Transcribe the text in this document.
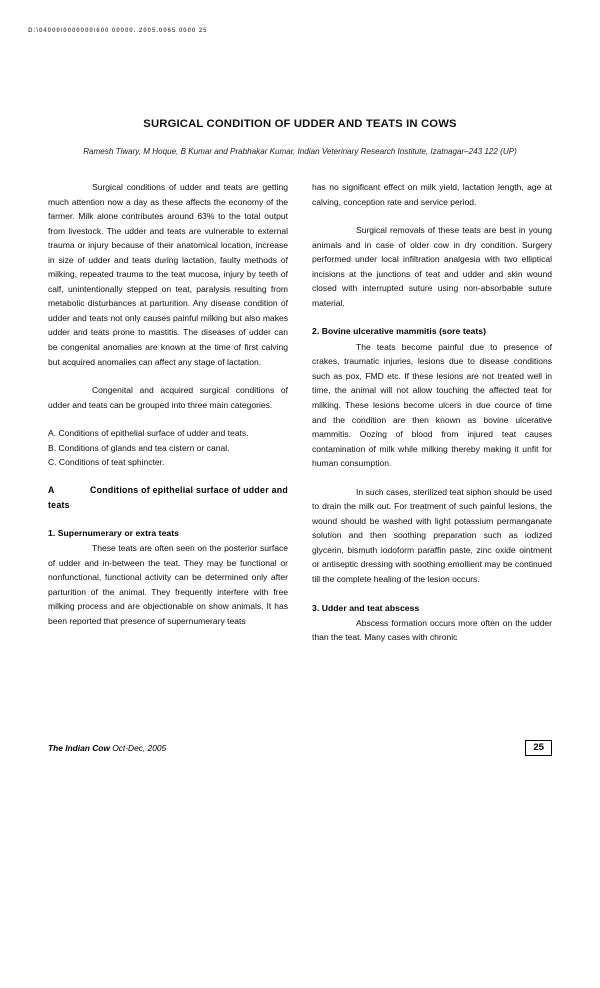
D:\04000\0000000\600 00000. 2005.0065 0000 25
SURGICAL CONDITION OF UDDER AND TEATS IN COWS
Ramesh Tiwary, M Hoque, B Kumar and Prabhakar Kumar, Indian Veterinary Research Institute, Izatnagar–243 122 (UP)

Surgical conditions of udder and teats are getting much attention now a day as these affects the economy of the farmer. Milk alone contributes around 63% to the total output from livestock. The udder and teats are vulnerable to external trauma or injury because of their anatomical location, increase in size of udder and teats during lactation, faulty methods of milking, repeated trauma to the teat mucosa, injury by teeth of calf, unintentionally stepped on teat, paralysis resulting from metabolic disturbances at parturition. Any disease condition of udder and teats not only causes painful milking but also makes udder and teats prone to mastitis. The diseases of udder can be congenital anomalies are known at the time of first calving but acquired anomalies can affect any stage of lactation.

Congenital and acquired surgical conditions of udder and teats can be grouped into three main categories.

A. Conditions of epithelial surface of udder and teats.
B. Conditions of glands and tea cistern or canal.
C. Conditions of teat sphincter.
A	Conditions of epithelial surface of udder and teats
1. Supernumerary or extra teats

These teats are often seen on the posterior surface of udder and in-between the teat. They may be functional or nonfunctional, functional activity can be determined only after parturition of the animal. They frequently interfere with free milking process and are objectionable on show animals. It has been reported that presence of supernumerary teats

has no significant effect on milk yield, lactation length, age at calving, conception rate and service period.

Surgical removals of these teats are best in young animals and in case of older cow in dry condition. Surgery performed under local infiltration analgesia with two elliptical incisions at the junctions of teat and udder and skin wound closed with interrupted suture using non-absorbable suture material.

2. Bovine ulcerative mammitis (sore teats)

The teats become painful due to presence of crakes, traumatic injuries, lesions due to disease conditions such as pox, FMD etc. If these lesions are not treated well in time, the animal will not allow touching the affected teat for milking. These lesions become ulcers in due cource of time and the condition are then known as bovine ulcerative mammitis. Oozing of blood from injured teat causes contamination of milk while milking thereby making it unfit for human consumption.

In such cases, sterilized teat siphon should be used to drain the milk out. For treatment of such painful lesions, the wound should be washed with light potassium permanganate solution and then soothing preparation such as iodized glycerin, bismuth iodoform paraffin paste, zinc oxide ointment or antiseptic dressing with soothing emollient may be continued till the complete healing of the lesion occurs.

3. Udder and teat abscess

Abscess formation occurs more often on the udder than the teat. Many cases with chronic

The Indian Cow Oct-Dec, 2005	25
